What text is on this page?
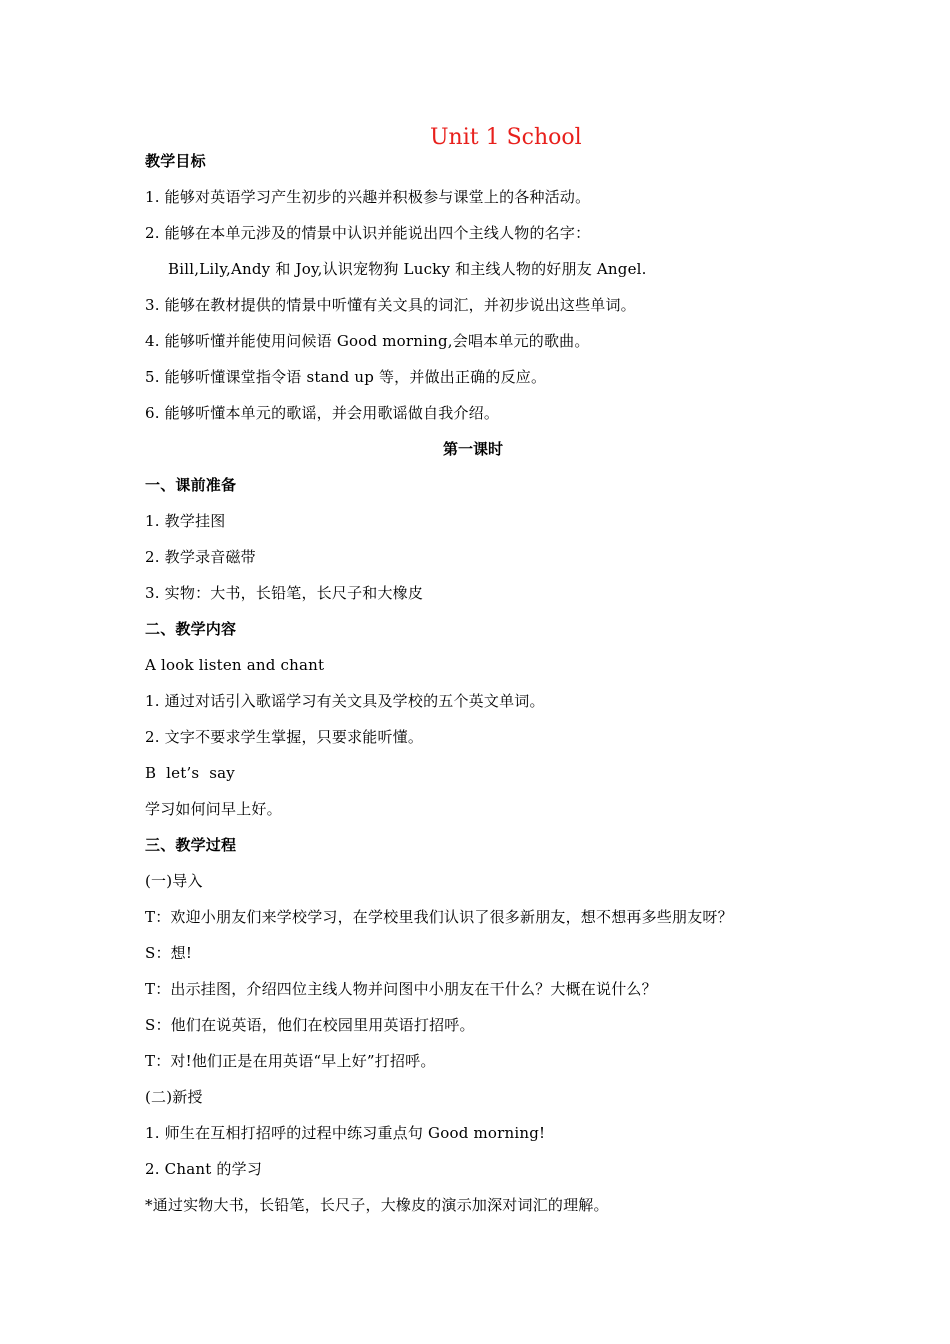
Unit 1 School
教学目标
1. 能够对英语学习产生初步的兴趣并积极参与课堂上的各种活动。
2. 能够在本单元涉及的情景中认识并能说出四个主线人物的名字：
Bill,Lily,Andy 和 Joy,认识宠物狗 Lucky 和主线人物的好朋友 Angel.
3. 能够在教材提供的情景中听懂有关文具的词汇，并初步说出这些单词。
4. 能够听懂并能使用问候语 Good morning,会唱本单元的歌曲。
5. 能够听懂课堂指令语 stand up 等，并做出正确的反应。
6. 能够听懂本单元的歌谣，并会用歌谣做自我介绍。
第一课时
一、课前准备
1. 教学挂图
2. 教学录音磁带
3. 实物：大书，长铅笔，长尺子和大橡皮
二、教学内容
A look listen and chant
1. 通过对话引入歌谣学习有关文具及学校的五个英文单词。
2. 文字不要求学生掌握，只要求能听懂。
B  let’s  say
学习如何问早上好。
三、教学过程
(一)导入
T：欢迎小朋友们来学校学习，在学校里我们认识了很多新朋友，想不想再多些朋友呀？
S：想!
T：出示挂图，介绍四位主线人物并问图中小朋友在干什么？大概在说什么？
S：他们在说英语，他们在校园里用英语打招呼。
T：对!他们正是在用英语“早上好”打招呼。
(二)新授
1. 师生在互相打招呼的过程中练习重点句 Good morning!
2. Chant 的学习
*通过实物大书，长铅笔，长尺子，大橡皮的演示加深对词汇的理解。
